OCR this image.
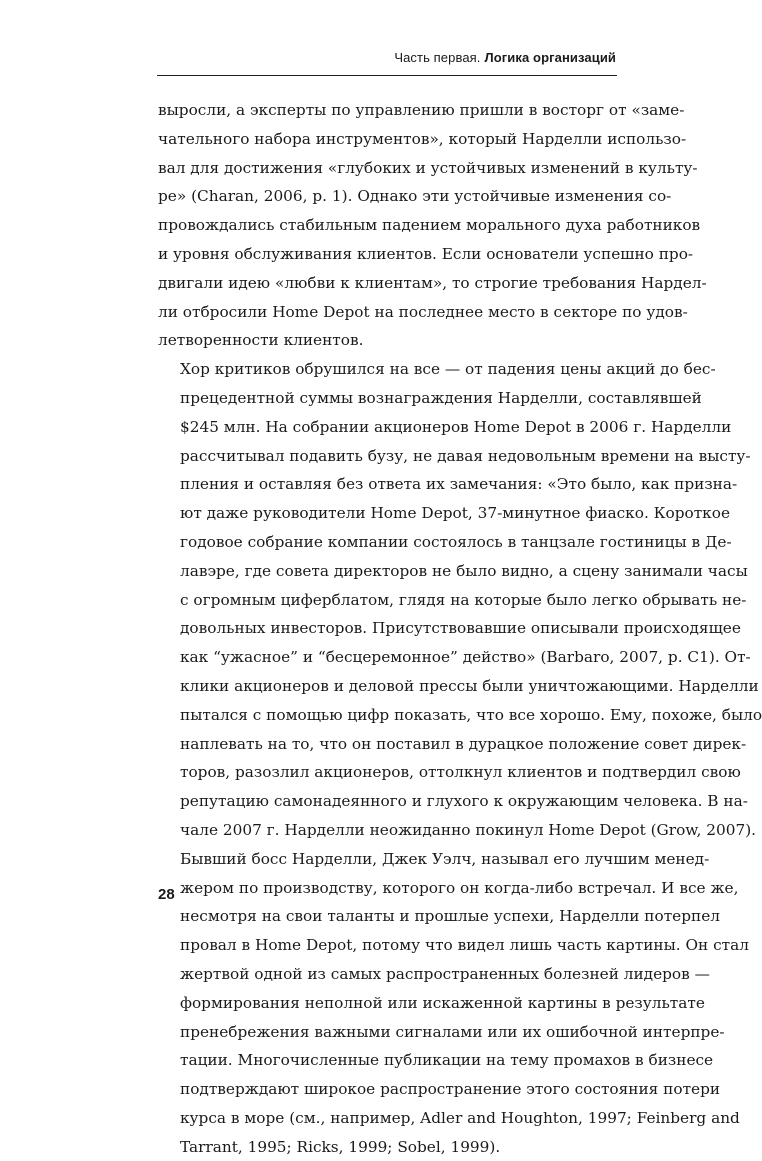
Часть первая. Логика организаций

выросли, а эксперты по управлению пришли в восторг от «заме-
чательного набора инструментов», который Нарделли использо-
вал для достижения «глубоких и устойчивых изменений в культу-
ре» (Charan, 2006, p. 1). Однако эти устойчивые изменения со-
провождались стабильным падением морального духа работников
и уровня обслуживания клиентов. Если основатели успешно про-
двигали идею «любви к клиентам», то строгие требования Нардел-
ли отбросили Home Depot на последнее место в секторе по удов-
летворенности клиентов.

Хор критиков обрушился на все — от падения цены акций до бес-
прецедентной суммы вознаграждения Нарделли, составлявшей
$245 млн. На собрании акционеров Home Depot в 2006 г. Нарделли
рассчитывал подавить бузу, не давая недовольным времени на высту-
пления и оставляя без ответа их замечания: «Это было, как призна-
ют даже руководители Home Depot, 37-минутное фиаско. Короткое
годовое собрание компании состоялось в танцзале гостиницы в Де-
лавэре, где совета директоров не было видно, а сцену занимали часы
с огромным циферблатом, глядя на которые было легко обрывать не-
довольных инвесторов. Присутствовавшие описывали происходящее
как “ужасное” и “бесцеремонное” действо» (Barbaro, 2007, p. C1). От-
клики акционеров и деловой прессы были уничтожающими. Нарделли
пытался с помощью цифр показать, что все хорошо. Ему, похоже, было
наплевать на то, что он поставил в дурацкое положение совет дирек-
торов, разозлил акционеров, оттолкнул клиентов и подтвердил свою
репутацию самонадеянного и глухого к окружающим человека. В на-
чале 2007 г. Нарделли неожиданно покинул Home Depot (Grow, 2007).

Бывший босс Нарделли, Джек Уэлч, называл его лучшим менед-
жером по производству, которого он когда-либо встречал. И все же,
несмотря на свои таланты и прошлые успехи, Нарделли потерпел
провал в Home Depot, потому что видел лишь часть картины. Он стал
жертвой одной из самых распространенных болезней лидеров —
формирования неполной или искаженной картины в результате
пренебрежения важными сигналами или их ошибочной интерпре-
тации. Многочисленные публикации на тему промахов в бизнесе
подтверждают широкое распространение этого состояния потери
курса в море (см., например, Adler and Houghton, 1997; Feinberg and
Tarrant, 1995; Ricks, 1999; Sobel, 1999).

28
